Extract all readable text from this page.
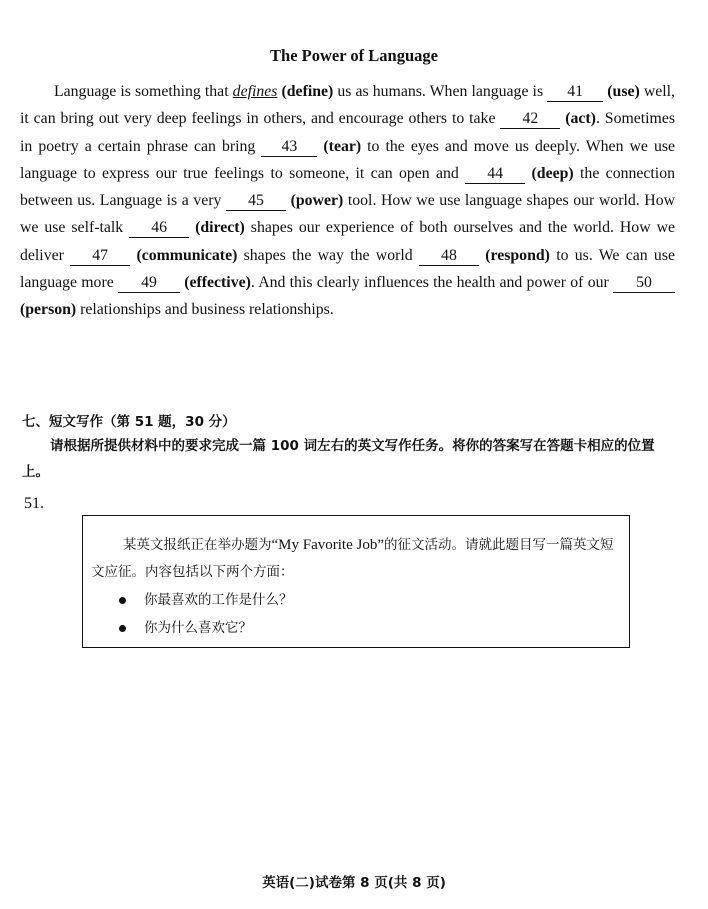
The Power of Language
Language is something that defines (define) us as humans. When language is 41 (use) well, it can bring out very deep feelings in others, and encourage others to take 42 (act). Sometimes in poetry a certain phrase can bring 43 (tear) to the eyes and move us deeply. When we use language to express our true feelings to someone, it can open and 44 (deep) the connection between us. Language is a very 45 (power) tool. How we use language shapes our world. How we use self-talk 46 (direct) shapes our experience of both ourselves and the world. How we deliver 47 (communicate) shapes the way the world 48 (respond) to us. We can use language more 49 (effective). And this clearly influences the health and power of our 50 (person) relationships and business relationships.
七、短文写作（第 51 题，30 分）
请根据所提供材料中的要求完成一篇 100 词左右的英文写作任务。将你的答案写在答题卡相应的位置上。
51.
某英文报纸正在举办题为“My Favorite Job”的征文活动。请就此题目写一篇英文短文应征。内容包括以下两个方面：
你最喜欢的工作是什么？
你为什么喜欢它？
英语(二)试卷第 8 页(共 8 页)
